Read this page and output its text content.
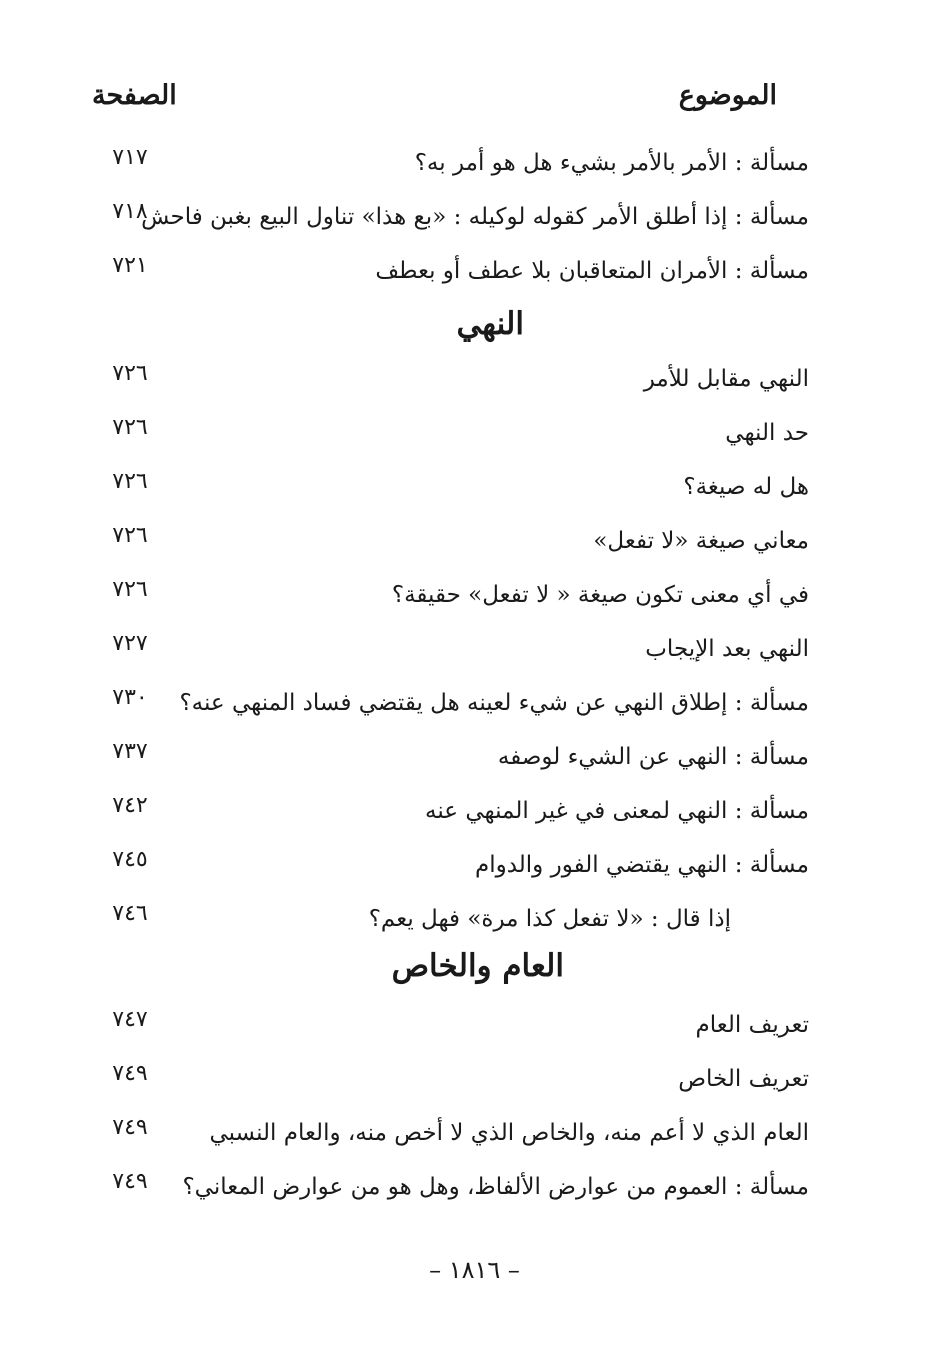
الموضوع
الصفحة
مسألة : الأمر بالأمر بشيء هل هو أمر به؟
٧١٧
مسألة : إذا أطلق الأمر كقوله لوكيله : «بع هذا» تناول البيع بغبن فاحش
٧١٨
مسألة : الأمران المتعاقبان بلا عطف أو بعطف
٧٢١
النهي
النهي مقابل للأمر
٧٢٦
حد النهي
٧٢٦
هل له صيغة؟
٧٢٦
معاني صيغة «لا تفعل»
٧٢٦
في أي معنى تكون صيغة « لا تفعل» حقيقة؟
٧٢٦
النهي بعد الإيجاب
٧٢٧
مسألة : إطلاق النهي عن شيء لعينه هل يقتضي فساد المنهي عنه؟
٧٣٠
مسألة : النهي عن الشيء لوصفه
٧٣٧
مسألة : النهي لمعنى في غير المنهي عنه
٧٤٢
مسألة : النهي يقتضي الفور والدوام
٧٤٥
إذا قال : «لا تفعل كذا مرة» فهل يعم؟
٧٤٦
العام والخاص
تعريف العام
٧٤٧
تعريف الخاص
٧٤٩
العام الذي لا أعم منه، والخاص الذي لا أخص منه، والعام النسبي
٧٤٩
مسألة : العموم من عوارض الألفاظ، وهل هو من عوارض المعاني؟
٧٤٩
– ١٨١٦ –
